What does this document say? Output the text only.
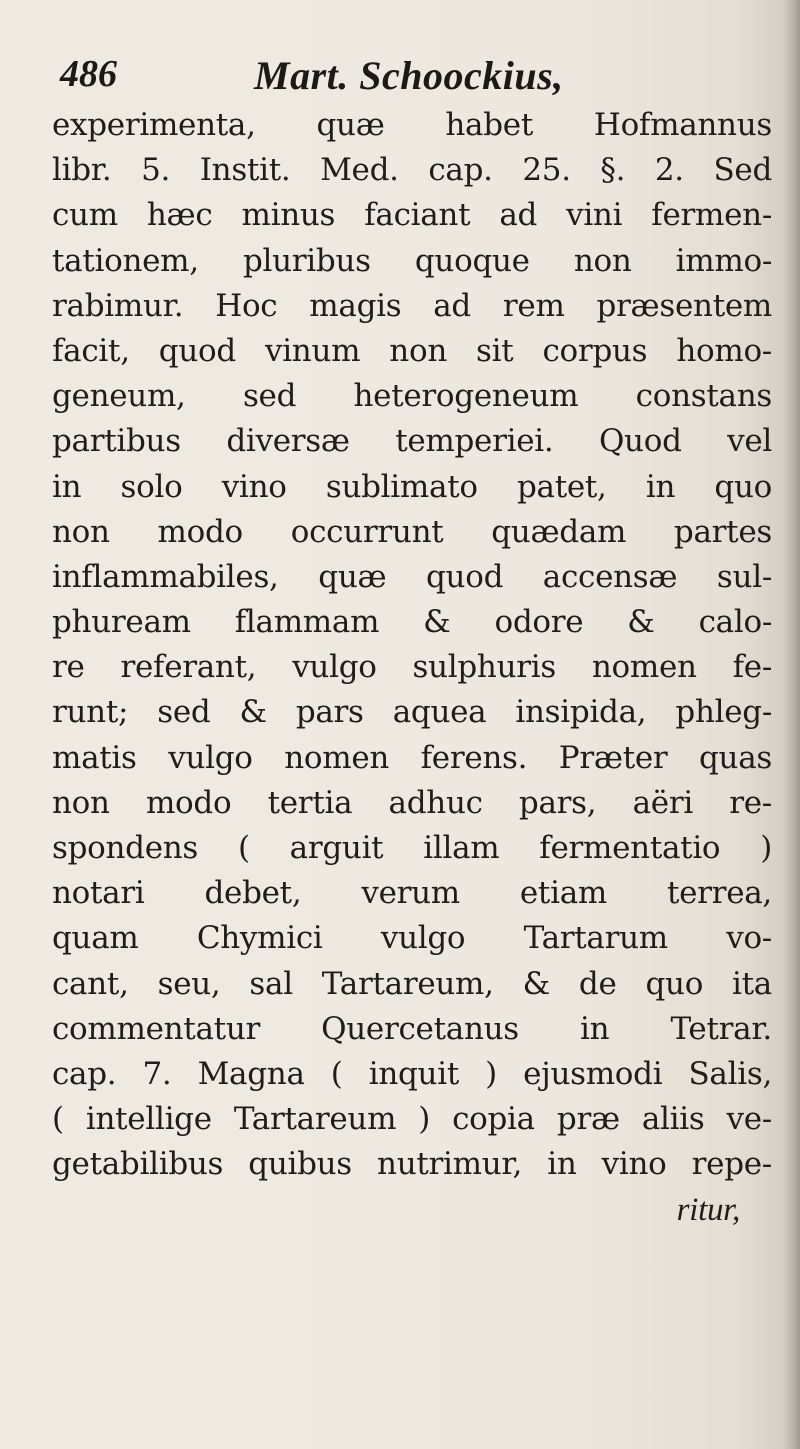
486	Mart. Schoockius,
experimenta, quæ habet Hofmannus
libr. 5. Instit. Med. cap. 25. §. 2. Sed
cum hæc minus faciant ad vini fermen-
tationem, pluribus quoque non immo-
rabimur. Hoc magis ad rem præsentem
facit, quod vinum non sit corpus homo-
geneum, sed heterogeneum constans
partibus diversæ temperiei. Quod vel
in solo vino sublimato patet, in quo
non modo occurrunt quædam partes
inflammabiles, quæ quod accensæ sul-
phuream flammam & odore & calo-
re referant, vulgo sulphuris nomen fe-
runt; sed & pars aquea insipida, phleg-
matis vulgo nomen ferens. Præter quas
non modo tertia adhuc pars, aëri re-
spondens ( arguit illam fermentatio )
notari debet, verum etiam terrea,
quam Chymici vulgo Tartarum vo-
cant, seu, sal Tartareum, & de quo ita
commentatur Quercetanus in Tetrar.
cap. 7. Magna ( inquit ) ejusmodi Salis,
( intellige Tartareum ) copia præ aliis ve-
getabilibus quibus nutrimur, in vino repe-
ritur,
